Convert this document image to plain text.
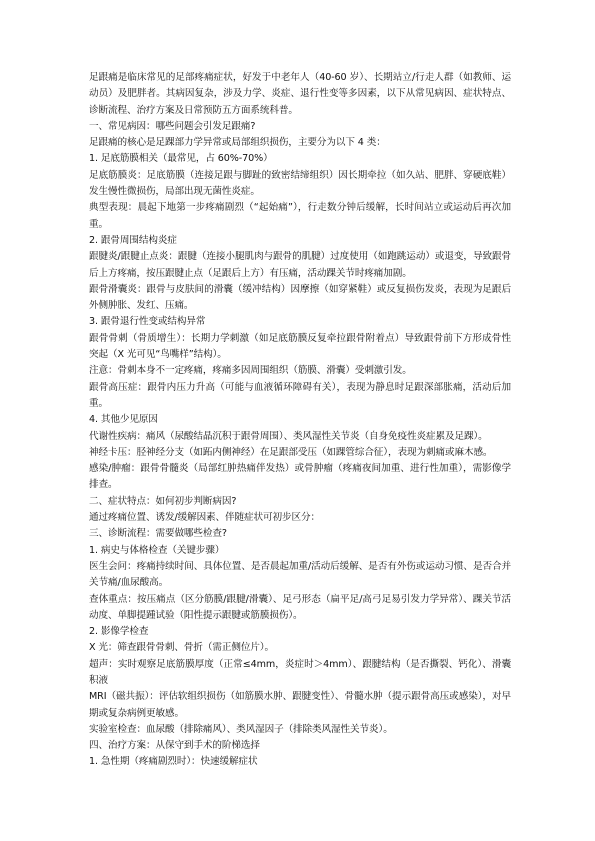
足跟痛是临床常见的足部疼痛症状，好发于中老年人（40-60 岁）、长期站立/行走人群（如教师、运动员）及肥胖者。其病因复杂，涉及力学、炎症、退行性变等多因素，以下从常见病因、症状特点、诊断流程、治疗方案及日常预防五方面系统科普。

一、常见病因：哪些问题会引发足跟痛?

足跟痛的核心是足踝部力学异常或局部组织损伤，主要分为以下 4 类：

1. 足底筋膜相关（最常见，占 60%-70%）

足底筋膜炎：足底筋膜（连接足跟与脚趾的致密结缔组织）因长期牵拉（如久站、肥胖、穿硬底鞋）发生慢性微损伤，局部出现无菌性炎症。

典型表现：晨起下地第一步疼痛剧烈（“起始痛”），行走数分钟后缓解，长时间站立或运动后再次加重。

2. 跟骨周围结构炎症

跟腱炎/跟腱止点炎：跟腱（连接小腿肌肉与跟骨的肌腱）过度使用（如跑跳运动）或退变，导致跟骨后上方疼痛，按压跟腱止点（足跟后上方）有压痛，活动踝关节时疼痛加剧。

跟骨滑囊炎：跟骨与皮肤间的滑囊（缓冲结构）因摩擦（如穿紧鞋）或反复损伤发炎，表现为足跟后外侧肿胀、发红、压痛。

3. 跟骨退行性变或结构异常

跟骨骨刺（骨质增生）：长期力学刺激（如足底筋膜反复牵拉跟骨附着点）导致跟骨前下方形成骨性突起（X 光可见“鸟嘴样”结构）。

注意：骨刺本身不一定疼痛，疼痛多因周围组织（筋膜、滑囊）受刺激引发。

跟骨高压症：跟骨内压力升高（可能与血液循环障碍有关），表现为静息时足跟深部胀痛，活动后加重。

4. 其他少见原因

代谢性疾病：痛风（尿酸结晶沉积于跟骨周围）、类风湿性关节炎（自身免疫性炎症累及足踝）。

神经卡压：胫神经分支（如跖内侧神经）在足跟部受压（如踝管综合征），表现为刺痛或麻木感。

感染/肿瘤：跟骨骨髓炎（局部红肿热痛伴发热）或骨肿瘤（疼痛夜间加重、进行性加重），需影像学排查。

二、症状特点：如何初步判断病因?

通过疼痛位置、诱发/缓解因素、伴随症状可初步区分：

三、诊断流程：需要做哪些检查?

1. 病史与体格检查（关键步骤）

医生会问：疼痛持续时间、具体位置、是否晨起加重/活动后缓解、是否有外伤或运动习惯、是否合并关节痛/血尿酸高。

查体重点：按压痛点（区分筋膜/跟腱/滑囊）、足弓形态（扁平足/高弓足易引发力学异常）、踝关节活动度、单脚提踵试验（阳性提示跟腱或筋膜损伤）。

2. 影像学检查

X 光：筛查跟骨骨刺、骨折（需正侧位片）。

超声：实时观察足底筋膜厚度（正常≤4mm，炎症时＞4mm）、跟腱结构（是否撕裂、钙化）、滑囊积液

MRI（磁共振）：评估软组织损伤（如筋膜水肿、跟腱变性）、骨髓水肿（提示跟骨高压或感染），对早期或复杂病例更敏感。

实验室检查：血尿酸（排除痛风）、类风湿因子（排除类风湿性关节炎）。

四、治疗方案：从保守到手术的阶梯选择

1. 急性期（疼痛剧烈时）：快速缓解症状
